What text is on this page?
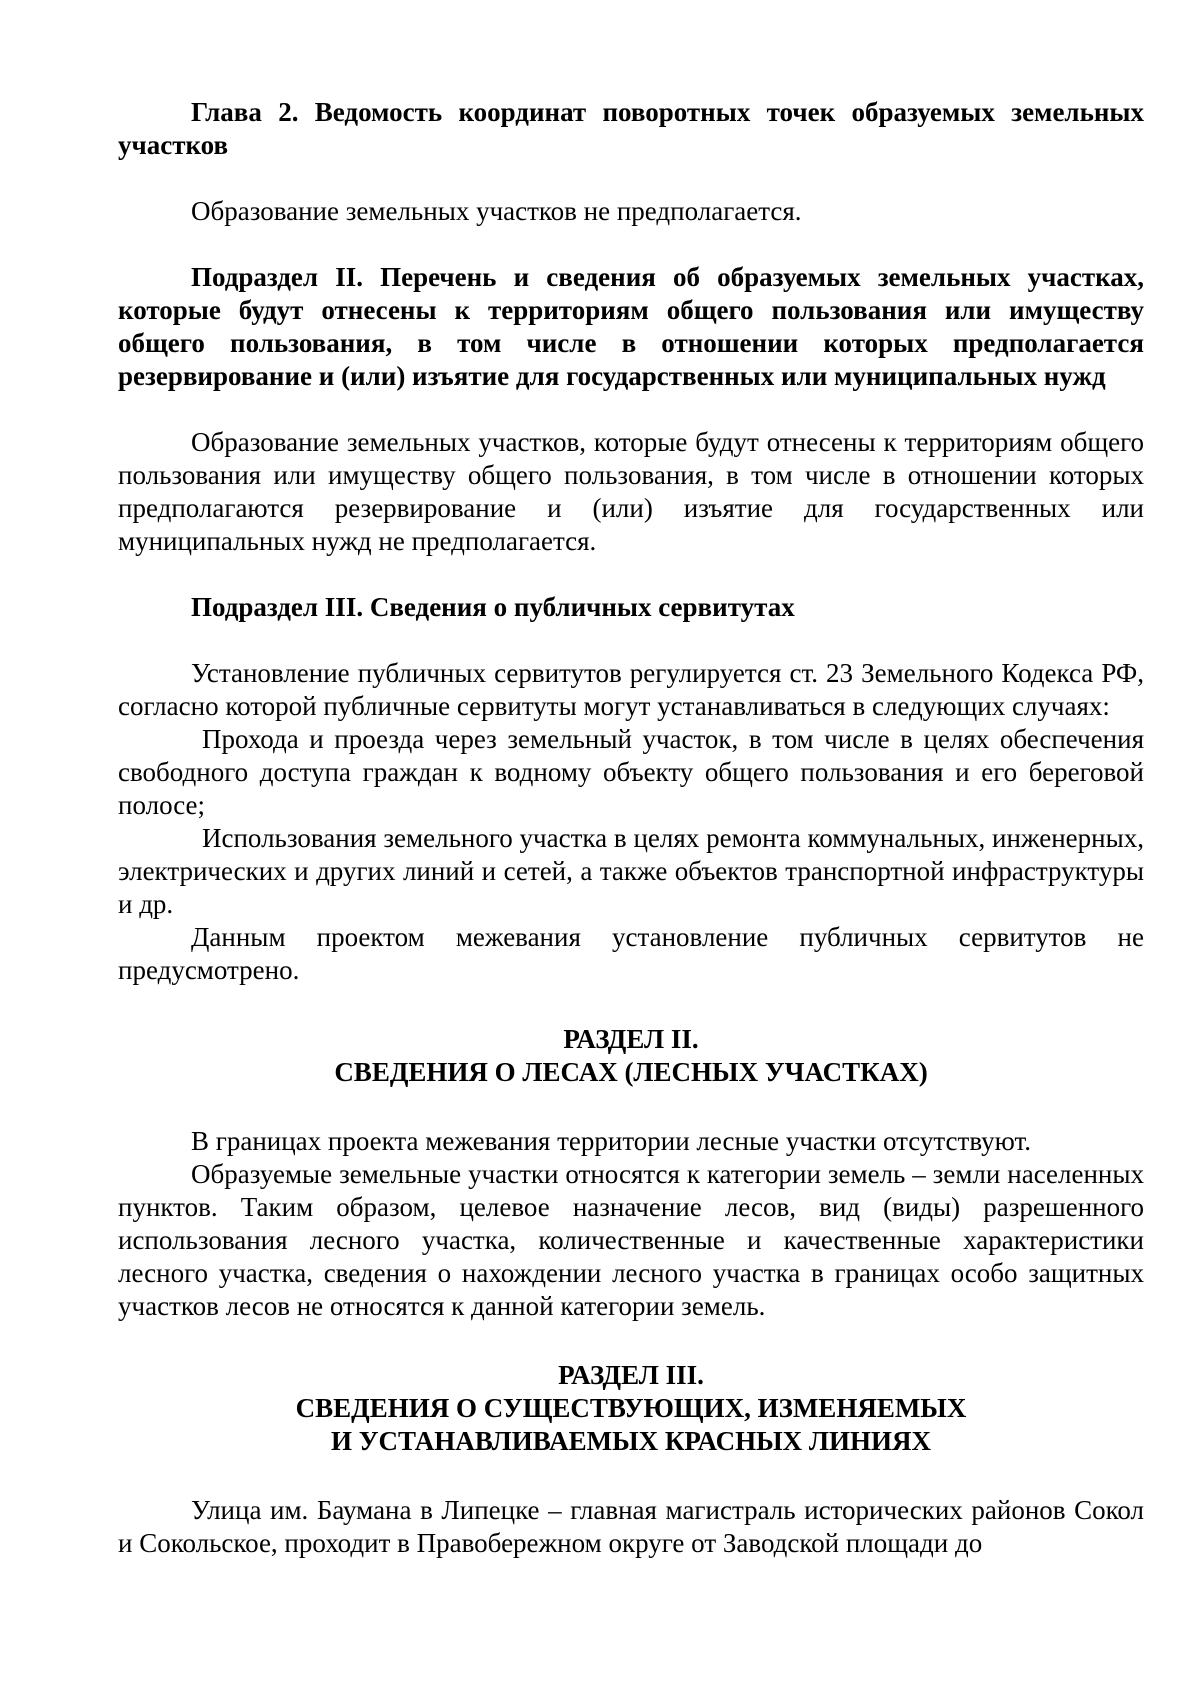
Глава 2. Ведомость координат поворотных точек образуемых земельных участков

Образование земельных участков не предполагается.

Подраздел II. Перечень и сведения об образуемых земельных участках, которые будут отнесены к территориям общего пользования или имуществу общего пользования, в том числе в отношении которых предполагается резервирование и (или) изъятие для государственных или муниципальных нужд

Образование земельных участков, которые будут отнесены к территориям общего пользования или имуществу общего пользования, в том числе в отношении которых предполагаются резервирование и (или) изъятие для государственных или муниципальных нужд не предполагается.

Подраздел III. Сведения о публичных сервитутах

Установление публичных сервитутов регулируется ст. 23 Земельного Кодекса РФ, согласно которой публичные сервитуты могут устанавливаться в следующих случаях:

Прохода и проезда через земельный участок, в том числе в целях обеспечения свободного доступа граждан к водному объекту общего пользования и его береговой полосе;

Использования земельного участка в целях ремонта коммунальных, инженерных, электрических и других линий и сетей, а также объектов транспортной инфраструктуры и др.

Данным проектом межевания установление публичных сервитутов не предусмотрено.

РАЗДЕЛ II.
СВЕДЕНИЯ О ЛЕСАХ (ЛЕСНЫХ УЧАСТКАХ)

В границах проекта межевания территории лесные участки отсутствуют.

Образуемые земельные участки относятся к категории земель – земли населенных пунктов. Таким образом, целевое назначение лесов, вид (виды) разрешенного использования лесного участка, количественные и качественные характеристики лесного участка, сведения о нахождении лесного участка в границах особо защитных участков лесов не относятся к данной категории земель.

РАЗДЕЛ III.
СВЕДЕНИЯ О СУЩЕСТВУЮЩИХ, ИЗМЕНЯЕМЫХ
И УСТАНАВЛИВАЕМЫХ КРАСНЫХ ЛИНИЯХ

Улица им. Баумана в Липецке – главная магистраль исторических районов Сокол и Сокольское, проходит в Правобережном округе от Заводской площади до
